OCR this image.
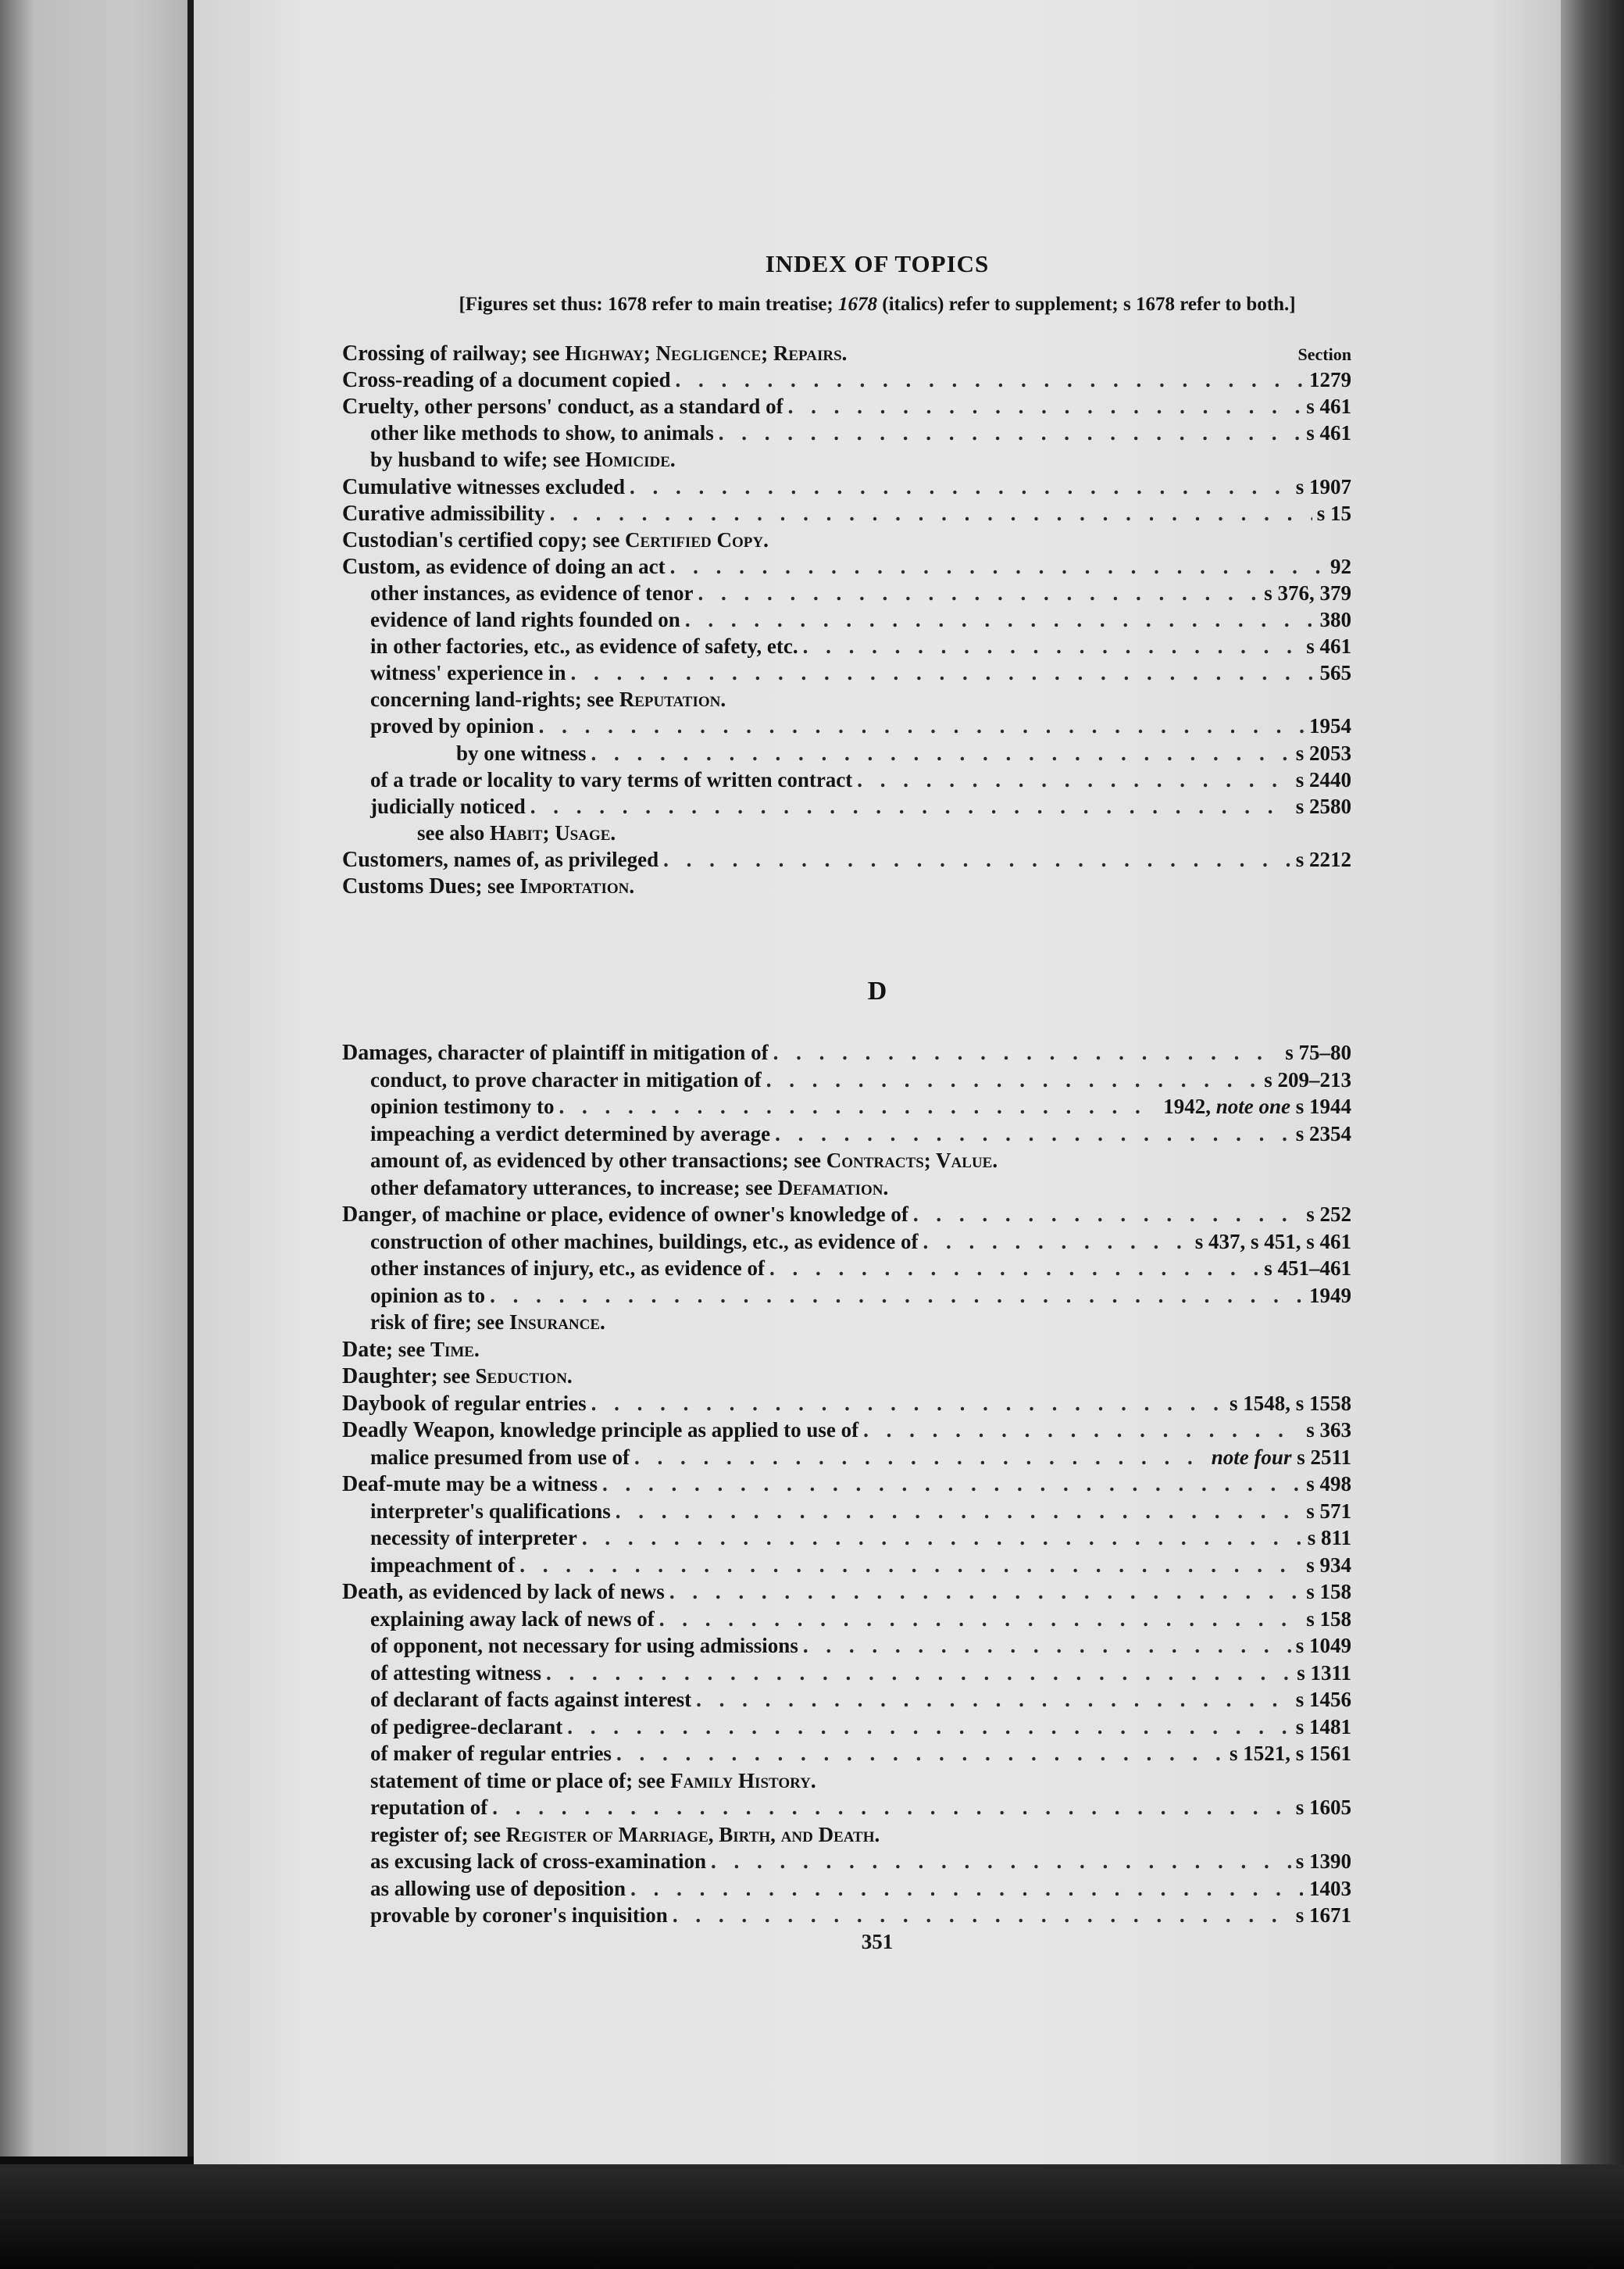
INDEX OF TOPICS
[Figures set thus: 1678 refer to main treatise; 1678 (italics) refer to supplement; s 1678 refer to both.]
Crossing of railway; see Highway; Negligence; Repairs.	Section
Cross-reading of a document copied . . .	1279
Cruelty, other persons' conduct, as a standard of . . .	s 461
other like methods to show, to animals . . .	s 461
by husband to wife; see Homicide.
Cumulative witnesses excluded . . .	s 1907
Curative admissibility . . .	s 15
Custodian's certified copy; see Certified Copy.
Custom, as evidence of doing an act . . .	92
other instances, as evidence of tenor . . .	s 376, 379
evidence of land rights founded on . . .	380
in other factories, etc., as evidence of safety, etc. . . .	s 461
witness' experience in . . .	565
concerning land-rights; see Reputation.
proved by opinion . . .	1954
by one witness . . .	s 2053
of a trade or locality to vary terms of written contract . . .	s 2440
judicially noticed . . .	s 2580
see also Habit; Usage.
Customers, names of, as privileged . . .	s 2212
Customs Dues; see Importation.
D
Damages, character of plaintiff in mitigation of . . .	s 75–80
conduct, to prove character in mitigation of . . .	s 209–213
opinion testimony to . . .	1942, note one s 1944
impeaching a verdict determined by average . . .	s 2354
amount of, as evidenced by other transactions; see Contracts; Value.
other defamatory utterances, to increase; see Defamation.
Danger, of machine or place, evidence of owner's knowledge of . . .	s 252
construction of other machines, buildings, etc., as evidence of . . .	s 437, s 451, s 461
other instances of injury, etc., as evidence of . . .	s 451–461
opinion as to . . .	1949
risk of fire; see Insurance.
Date; see Time.
Daughter; see Seduction.
Daybook of regular entries . . .	s 1548, s 1558
Deadly Weapon, knowledge principle as applied to use of . . .	s 363
malice presumed from use of . . .	note four s 2511
Deaf-mute may be a witness . . .	s 498
interpreter's qualifications . . .	s 571
necessity of interpreter . . .	s 811
impeachment of . . .	s 934
Death, as evidenced by lack of news . . .	s 158
explaining away lack of news of . . .	s 158
of opponent, not necessary for using admissions . . .	s 1049
of attesting witness . . .	s 1311
of declarant of facts against interest . . .	s 1456
of pedigree-declarant . . .	s 1481
of maker of regular entries . . .	s 1521, s 1561
statement of time or place of; see Family History.
reputation of . . .	s 1605
register of; see Register of Marriage, Birth, and Death.
as excusing lack of cross-examination . . .	s 1390
as allowing use of deposition . . .	1403
provable by coroner's inquisition . . .	s 1671
351
